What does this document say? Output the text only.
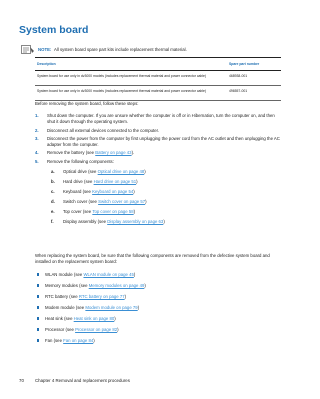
System board
NOTE: All system board spare part kits include replacement thermal material.
Description	Spare part number
System board for use only in dv3000 models (includes replacement thermal material and power connector cable)	468938-001
System board for use only in dv3000 models (includes replacement thermal material and power connector cable)	496557-001
Before removing the system board, follow these steps:
1. Shut down the computer. If you are unsure whether the computer is off or in Hibernation, turn the computer on, and then shut it down through the operating system.
2. Disconnect all external devices connected to the computer.
3. Disconnect the power from the computer by first unplugging the power cord from the AC outlet and then unplugging the AC adapter from the computer.
4. Remove the battery (see Battery on page 43).
5. Remove the following components:
a. Optical drive (see Optical drive on page 48)
b. Hard drive (see Hard drive on page 51)
c. Keyboard (see Keyboard on page 54)
d. Switch cover (see Switch cover on page 57)
e. Top cover (see Top cover on page 58)
f. Display assembly (see Display assembly on page 63)
When replacing the system board, be sure that the following components are removed from the defective system board and installed on the replacement system board:
WLAN module (see WLAN module on page 45)
Memory modules (see Memory modules on page 49)
RTC battery (see RTC battery on page 77)
Modem module (see Modem module on page 79)
Heat sink (see Heat sink on page 80)
Processor (see Processor on page 82)
Fan (see Fan on page 84)
70	Chapter 4 Removal and replacement procedures
